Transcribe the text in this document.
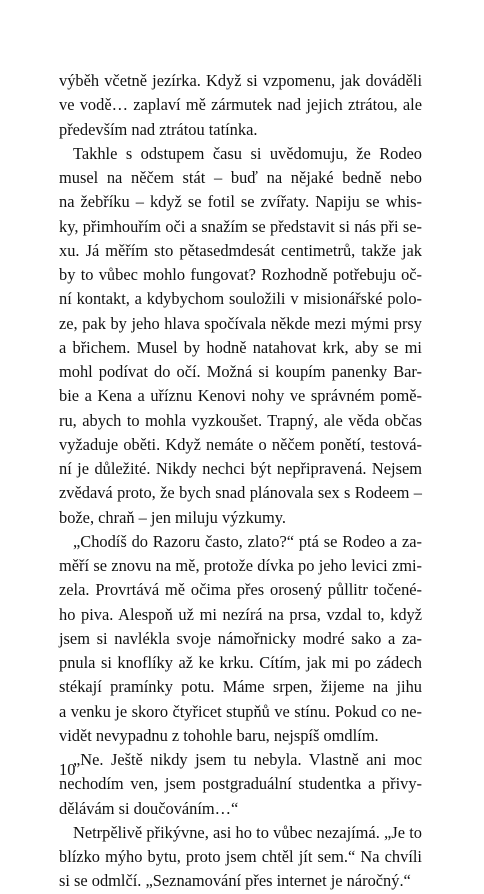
výběh včetně jezírka. Když si vzpomenu, jak dováděli
ve vodě… zaplaví mě zármutek nad jejich ztrátou, ale
především nad ztrátou tatínka.
Takhle s odstupem času si uvědomuju, že Rodeo
musel na něčem stát – buď na nějaké bedně nebo
na žebříku – když se fotil se zvířaty. Napiju se whis-
ky, přimhouřím oči a snažím se představit si nás při se-
xu. Já měřím sto pětasedmdesát centimetrů, takže jak
by to vůbec mohlo fungovat? Rozhodně potřebuju oč-
ní kontakt, a kdybychom souložili v misionářské polo-
ze, pak by jeho hlava spočívala někde mezi mými prsy
a břichem. Musel by hodně natahovat krk, aby se mi
mohl podívat do očí. Možná si koupím panenky Bar-
bie a Kena a uříznu Kenovi nohy ve správném pomě-
ru, abych to mohla vyzkoušet. Trapný, ale věda občas
vyžaduje oběti. Když nemáte o něčem ponětí, testová-
ní je důležité. Nikdy nechci být nepřipravená. Nejsem
zvědavá proto, že bych snad plánovala sex s Rodeem –
bože, chraň – jen miluju výzkumy.
„Chodíš do Razoru často, zlato?“ ptá se Rodeo a za-
měří se znovu na mě, protože dívka po jeho levici zmi-
zela. Provrtává mě očima přes orosený půllitr točené-
ho piva. Alespoň už mi nezírá na prsa, vzdal to, když
jsem si navlékla svoje námořnicky modré sako a za-
pnula si knoflíky až ke krku. Cítím, jak mi po zádech
stékají pramínky potu. Máme srpen, žijeme na jihu
a venku je skoro čtyřicet stupňů ve stínu. Pokud co ne-
vidět nevypadnu z tohohle baru, nejspíš omdlím.
„Ne. Ještě nikdy jsem tu nebyla. Vlastně ani moc
nechodím ven, jsem postgraduální studentka a přivy-
dělávám si doučováním…“
Netrpělivě přikývne, asi ho to vůbec nezajímá. „Je to
blízko mýho bytu, proto jsem chtěl jít sem.“ Na chvíli
si se odmlčí. „Seznamování přes internet je náročný.“
10
